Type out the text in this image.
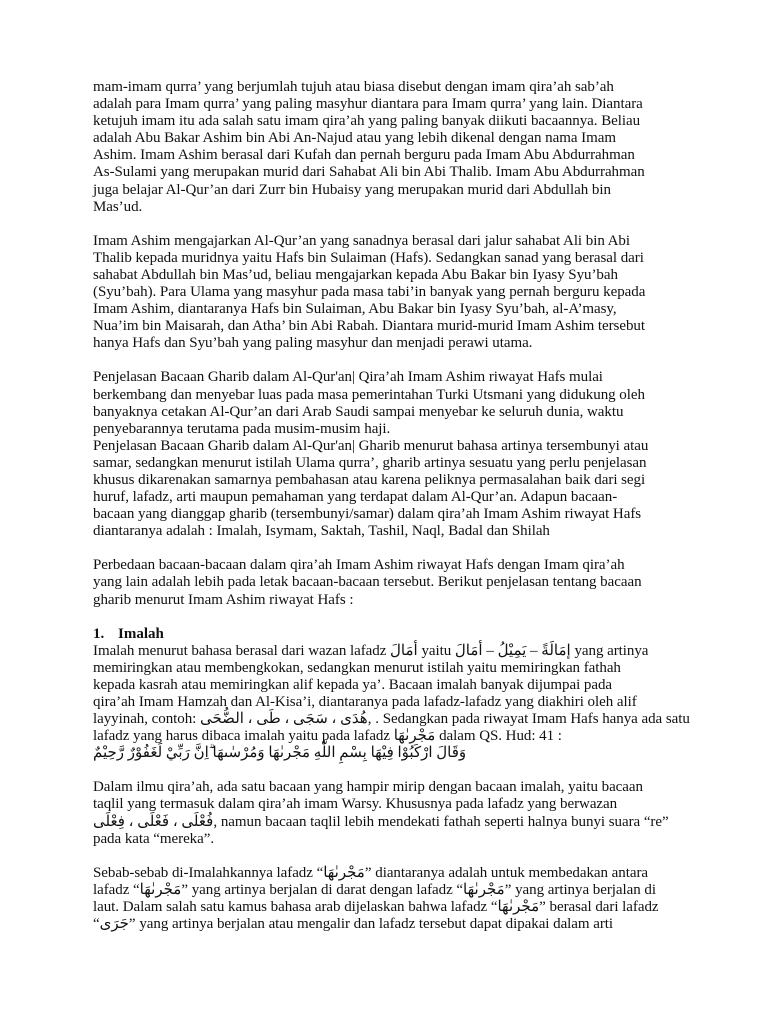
mam-imam qurra’ yang berjumlah tujuh atau biasa disebut dengan imam qira’ah sab’ah
adalah para Imam qurra’ yang paling masyhur diantara para Imam qurra’ yang lain. Diantara
ketujuh imam itu ada salah satu imam qira’ah yang paling banyak diikuti bacaannya. Beliau
adalah Abu Bakar Ashim bin Abi An-Najud atau yang lebih dikenal dengan nama Imam
Ashim. Imam Ashim berasal dari Kufah dan pernah berguru pada Imam Abu Abdurrahman
As-Sulami yang merupakan murid dari Sahabat Ali bin Abi Thalib. Imam Abu Abdurrahman
juga belajar Al-Qur’an dari Zurr bin Hubaisy yang merupakan murid dari Abdullah bin
Mas’ud.

Imam Ashim mengajarkan Al-Qur’an yang sanadnya berasal dari jalur sahabat Ali bin Abi
Thalib kepada muridnya yaitu Hafs bin Sulaiman (Hafs). Sedangkan sanad yang berasal dari
sahabat Abdullah bin Mas’ud, beliau mengajarkan kepada Abu Bakar bin Iyasy Syu’bah
(Syu’bah). Para Ulama yang masyhur pada masa tabi’in banyak yang pernah berguru kepada
Imam Ashim, diantaranya Hafs bin Sulaiman, Abu Bakar bin Iyasy Syu’bah, al-A’masy,
Nua’im bin Maisarah, dan Atha’ bin Abi Rabah. Diantara murid-murid Imam Ashim tersebut
hanya Hafs dan Syu’bah yang paling masyhur dan menjadi perawi utama.

Penjelasan Bacaan Gharib dalam Al-Qur'an| Qira’ah Imam Ashim riwayat Hafs mulai
berkembang dan menyebar luas pada masa pemerintahan Turki Utsmani yang didukung oleh
banyaknya cetakan Al-Qur’an dari Arab Saudi sampai menyebar ke seluruh dunia, waktu
penyebarannya terutama pada musim-musim haji.

Penjelasan Bacaan Gharib dalam Al-Qur'an| Gharib menurut bahasa artinya tersembunyi atau
samar, sedangkan menurut istilah Ulama qurra’, gharib artinya sesuatu yang perlu penjelasan
khusus dikarenakan samarnya pembahasan atau karena peliknya permasalahan baik dari segi
huruf, lafadz, arti maupun pemahaman yang terdapat dalam Al-Qur’an. Adapun bacaan-
bacaan yang dianggap gharib (tersembunyi/samar) dalam qira’ah Imam Ashim riwayat Hafs
diantaranya adalah : Imalah, Isymam, Saktah, Tashil, Naql, Badal dan Shilah

Perbedaan bacaan-bacaan dalam qira’ah Imam Ashim riwayat Hafs dengan Imam qira’ah
yang lain adalah lebih pada letak bacaan-bacaan tersebut. Berikut penjelasan tentang bacaan
gharib menurut Imam Ashim riwayat Hafs :

1. Imalah

Imalah menurut bahasa berasal dari wazan lafadz أمَالَ yaitu إمَالَةً – يَمِيْلُ – أمَالَ yang artinya
memiringkan atau membengkokan, sedangkan menurut istilah yaitu memiringkan fathah
kepada kasrah atau memiringkan alif kepada ya’. Bacaan imalah banyak dijumpai pada
qira’ah Imam Hamzah dan Al-Kisa’i, diantaranya pada lafadz-lafadz yang diakhiri oleh alif
layyinah, contoh: هُدَى ، سَجَى ، طَى ، الضُّحَى, . Sedangkan pada riwayat Imam Hafs hanya ada satu
lafadz yang harus dibaca imalah yaitu pada lafadz مَجْرىٰهَا dalam QS. Hud: 41 :
وَقَالَ ارْكَبُوْا فِيْهَا بِسْمِ اللّٰهِ مَجْرىٰهَا وَمُرْسٰىهَا ۗاِنَّ رَبِّيْ لَغَفُوْرٌ رَّحِيْمٌ

Dalam ilmu qira’ah, ada satu bacaan yang hampir mirip dengan bacaan imalah, yaitu bacaan
taqlil yang termasuk dalam qira’ah imam Warsy. Khususnya pada lafadz yang berwazan
فُعْلَى ، فَعْلَى ، فِعْلَى, namun bacaan taqlil lebih mendekati fathah seperti halnya bunyi suara “re”
pada kata “mereka”.

Sebab-sebab di-Imalahkannya lafadz “مَجْرىٰهَا” diantaranya adalah untuk membedakan antara
lafadz “مَجْرىٰهَا” yang artinya berjalan di darat dengan lafadz “مَجْرىٰهَا” yang artinya berjalan di
laut. Dalam salah satu kamus bahasa arab dijelaskan bahwa lafadz “مَجْرىٰهَا” berasal dari lafadz
“جَرَى” yang artinya berjalan atau mengalir dan lafadz tersebut dapat dipakai dalam arti
